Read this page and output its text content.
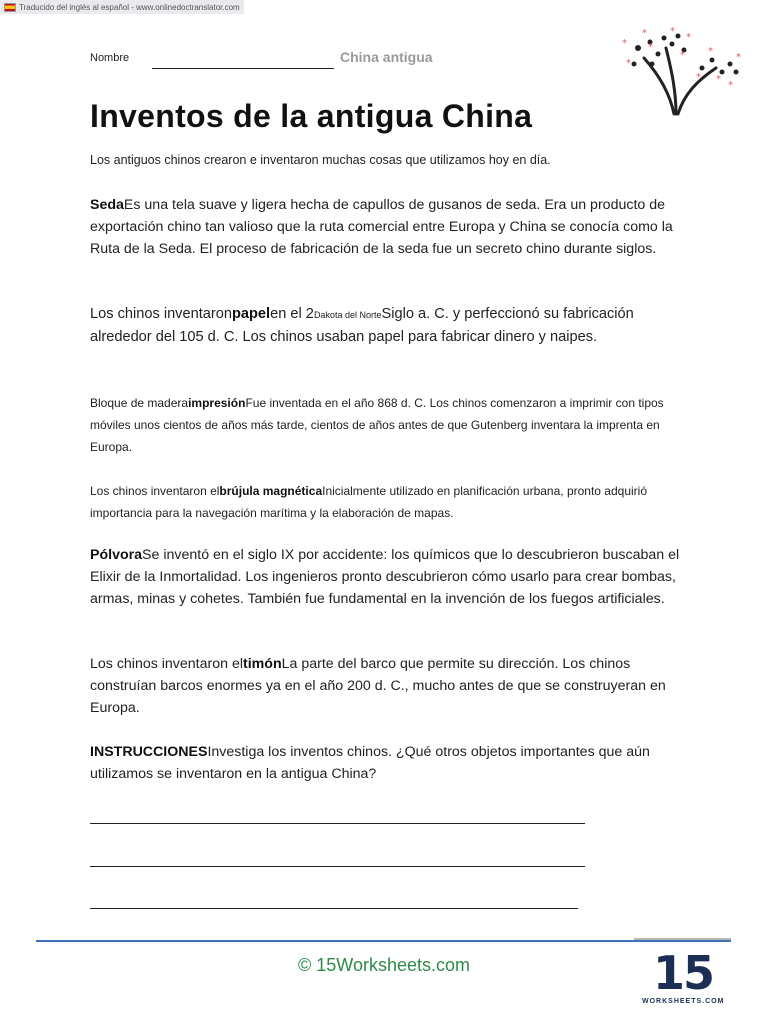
Traducido del inglés al español - www.onlinedoctranslator.com
Nombre	China antigua
*
*
*
*
*
* *
*
*
*
*
*
Inventos de la antigua China
Los antiguos chinos crearon e inventaron muchas cosas que utilizamos hoy en día.
SedaEs una tela suave y ligera hecha de capullos de gusanos de seda. Era un producto de exportación chino tan valioso que la ruta comercial entre Europa y China se conocía como la Ruta de la Seda. El proceso de fabricación de la seda fue un secreto chino durante siglos.
Los chinos inventaronpapelen el 2Dakota del NorteSiglo a. C. y perfeccionó su fabricación alrededor del 105 d. C. Los chinos usaban papel para fabricar dinero y naipes.
Bloque de maderaimpresiónFue inventada en el año 868 d. C. Los chinos comenzaron a imprimir con tipos móviles unos cientos de años más tarde, cientos de años antes de que Gutenberg inventara la imprenta en Europa.
Los chinos inventaron elbrújula magnéticaInicialmente utilizado en planificación urbana, pronto adquirió importancia para la navegación marítima y la elaboración de mapas.
PólvoraSe inventó en el siglo IX por accidente: los químicos que lo descubrieron buscaban el Elixir de la Inmortalidad. Los ingenieros pronto descubrieron cómo usarlo para crear bombas, armas, minas y cohetes. También fue fundamental en la invención de los fuegos artificiales.
Los chinos inventaron eltimónLa parte del barco que permite su dirección. Los chinos construían barcos enormes ya en el año 200 d. C., mucho antes de que se construyeran en Europa.
INSTRUCCIONESInvestiga los inventos chinos. ¿Qué otros objetos importantes que aún utilizamos se inventaron en la antigua China?
© 15Worksheets.com	15
WORKSHEETS.COM
